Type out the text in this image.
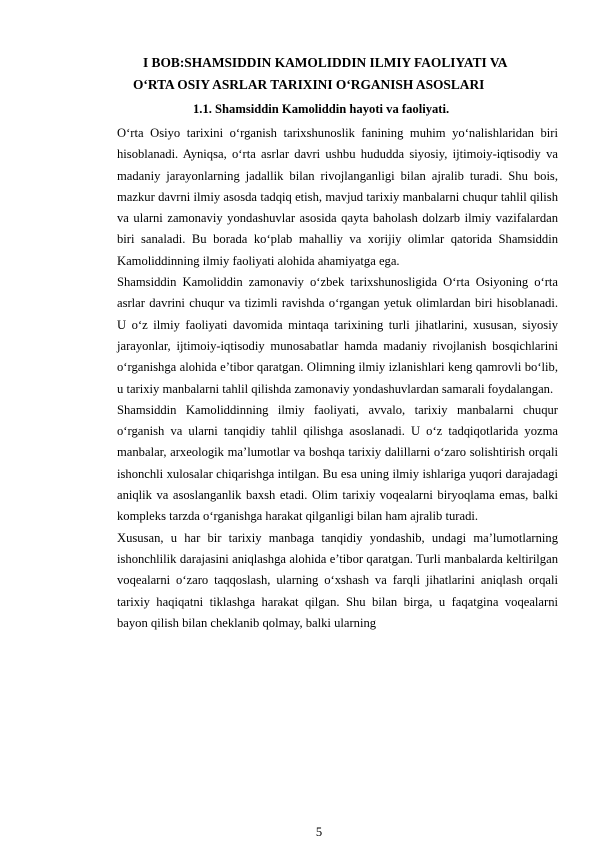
I BOB:SHAMSIDDIN KAMOLIDDIN ILMIY FAOLIYATI VA
O‘RTA OSIY ASRLAR TARIXINI O‘RGANISH ASOSLARI
1.1. Shamsiddin Kamoliddin hayoti va faoliyati.

O‘rta Osiyo tarixini o‘rganish tarixshunoslik fanining muhim yo‘nalishlaridan biri hisoblanadi. Ayniqsa, o‘rta asrlar davri ushbu hududda siyosiy, ijtimoiy-iqtisodiy va madaniy jarayonlarning jadallik bilan rivojlanganligi bilan ajralib turadi. Shu bois, mazkur davrni ilmiy asosda tadqiq etish, mavjud tarixiy manbalarni chuqur tahlil qilish va ularni zamonaviy yondashuvlar asosida qayta baholash dolzarb ilmiy vazifalardan biri sanaladi. Bu borada ko‘plab mahalliy va xorijiy olimlar qatorida Shamsiddin Kamoliddinning ilmiy faoliyati alohida ahamiyatga ega.

Shamsiddin Kamoliddin zamonaviy o‘zbek tarixshunosligida O‘rta Osiyoning o‘rta asrlar davrini chuqur va tizimli ravishda o‘rgangan yetuk olimlardan biri hisoblanadi. U o‘z ilmiy faoliyati davomida mintaqa tarixining turli jihatlarini, xususan, siyosiy jarayonlar, ijtimoiy-iqtisodiy munosabatlar hamda madaniy rivojlanish bosqichlarini o‘rganishga alohida e’tibor qaratgan. Olimning ilmiy izlanishlari keng qamrovli bo‘lib, u tarixiy manbalarni tahlil qilishda zamonaviy yondashuvlardan samarali foydalangan.

Shamsiddin Kamoliddinning ilmiy faoliyati, avvalo, tarixiy manbalarni chuqur o‘rganish va ularni tanqidiy tahlil qilishga asoslanadi. U o‘z tadqiqotlarida yozma manbalar, arxeologik ma’lumotlar va boshqa tarixiy dalillarni o‘zaro solishtirish orqali ishonchli xulosalar chiqarishga intilgan. Bu esa uning ilmiy ishlariga yuqori darajadagi aniqlik va asoslanganlik baxsh etadi. Olim tarixiy voqealarni biryoqlama emas, balki kompleks tarzda o‘rganishga harakat qilganligi bilan ham ajralib turadi.

Xususan, u har bir tarixiy manbaga tanqidiy yondashib, undagi ma’lumotlarning ishonchlilik darajasini aniqlashga alohida e’tibor qaratgan. Turli manbalarda keltirilgan voqealarni o‘zaro taqqoslash, ularning o‘xshash va farqli jihatlarini aniqlash orqali tarixiy haqiqatni tiklashga harakat qilgan. Shu bilan birga, u faqatgina voqealarni bayon qilish bilan cheklanib qolmay, balki ularning

5
